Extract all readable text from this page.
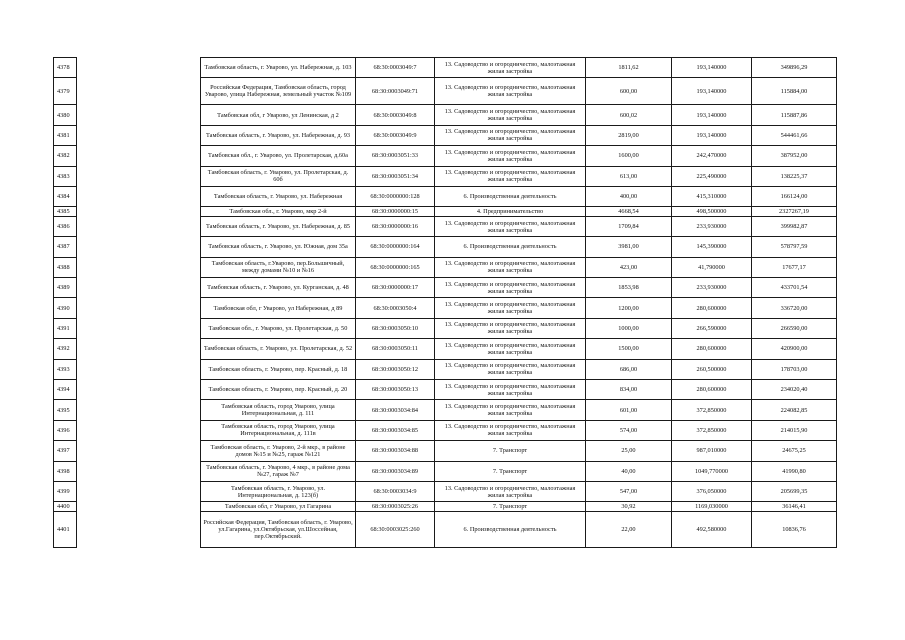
4378		Тамбовская область, г. Уварово, ул. Набережная, д. 103	68:30:0003049:7	13. Садоводство и огородничество, малоэтажная жилая застройка	1811,62	193,140000	349896,29
4379		Российская Федерация, Тамбовская область, город Уварово, улица Набережная, земельный участок №109	68:30:0003049:71	13. Садоводство и огородничество, малоэтажная жилая застройка	600,00	193,140000	115884,00
4380		Тамбовская обл, г Уварово, ул Ленинская, д 2	68:30:0003049:8	13. Садоводство и огородничество, малоэтажная жилая застройка	600,02	193,140000	115887,86
4381		Тамбовская область, г. Уварово, ул. Набережная, д. 93	68:30:0003049:9	13. Садоводство и огородничество, малоэтажная жилая застройка	2819,00	193,140000	544461,66
4382		Тамбовская обл., г. Уварово, ул. Пролетарская, д.60а	68:30:0003051:33	13. Садоводство и огородничество, малоэтажная жилая застройка	1600,00	242,470000	387952,00
4383		Тамбовская область, г. Уварово, ул. Пролетарская, д. 60б	68:30:0003051:34	13. Садоводство и огородничество, малоэтажная жилая застройка	613,00	225,490000	138225,37
4384		Тамбовская область, г. Уварово, ул. Набережная	68:30:0000000:128	6. Производственная деятельность	400,00	415,310000	166124,00
4385		Тамбовская обл., г. Уварово, мкр 2-й	68:30:0000000:15	4. Предпринимательство	4668,54	498,500000	2327267,19
4386		Тамбовская область, г. Уварово, ул. Набережная, д. 85	68:30:0000000:16	13. Садоводство и огородничество, малоэтажная жилая застройка	1709,84	233,930000	399982,87
4387		Тамбовская область, г. Уварово, ул. Южная, дом 35а	68:30:0000000:164	6. Производственная деятельность	3981,00	145,390000	578797,59
4388		Тамбовская область, г.Уварово, пер.Большичный, между домами №10 и №16	68:30:0000000:165	13. Садоводство и огородничество, малоэтажная жилая застройка	423,00	41,790000	17677,17
4389		Тамбовская область, г. Уварово, ул. Курганская, д. 48	68:30:0000000:17	13. Садоводство и огородничество, малоэтажная жилая застройка	1853,98	233,930000	433701,54
4390		Тамбовская обл, г Уварово, ул Набережная, д 89	68:30:0003050:4	13. Садоводство и огородничество, малоэтажная жилая застройка	1200,00	280,600000	336720,00
4391		Тамбовская обл., г. Уварово, ул. Пролетарская, д. 50	68:30:0003050:10	13. Садоводство и огородничество, малоэтажная жилая застройка	1000,00	266,590000	266590,00
4392		Тамбовская область, г. Уварово, ул. Пролетарская, д. 52	68:30:0003050:11	13. Садоводство и огородничество, малоэтажная жилая застройка	1500,00	280,600000	420900,00
4393		Тамбовская область, г. Уварово, пер. Красный, д. 18	68:30:0003050:12	13. Садоводство и огородничество, малоэтажная жилая застройка	686,00	260,500000	178703,00
4394		Тамбовская область, г. Уварово, пер. Красный, д. 20	68:30:0003050:13	13. Садоводство и огородничество, малоэтажная жилая застройка	834,00	280,600000	234020,40
4395		Тамбовская область, город Уварово, улица Интернациональная, д. 111	68:30:0003034:84	13. Садоводство и огородничество, малоэтажная жилая застройка	601,00	372,850000	224082,85
4396		Тамбовская область, город Уварово, улица Интернациональная, д. 111в	68:30:0003034:85	13. Садоводство и огородничество, малоэтажная жилая застройка	574,00	372,850000	214015,90
4397		Тамбовская область, г. Уварово, 2-й мкр., в районе домов №15 и №25, гараж №121	68:30:0003034:88	7. Транспорт	25,00	987,010000	24675,25
4398		Тамбовская область, г. Уварово, 4 мкр., в районе дома №27, гараж №7	68:30:0003034:89	7. Транспорт	40,00	1049,770000	41990,80
4399		Тамбовская область, г. Уварово, ул. Интернациональная, д. 123(б)	68:30:0003034:9	13. Садоводство и огородничество, малоэтажная жилая застройка	547,00	376,050000	205699,35
4400		Тамбовская обл, г Уварово, ул Гагарина	68:30:0003025:26	7. Транспорт	30,92	1169,030000	36146,41
4401		Российская Федерация, Тамбовская область, г. Уварово, ул.Гагарина, ул.Октябрьская, ул.Шоссейная, пер.Октябрьский.	68:30:0003025:260	6. Производственная деятельность	22,00	492,580000	10836,76
